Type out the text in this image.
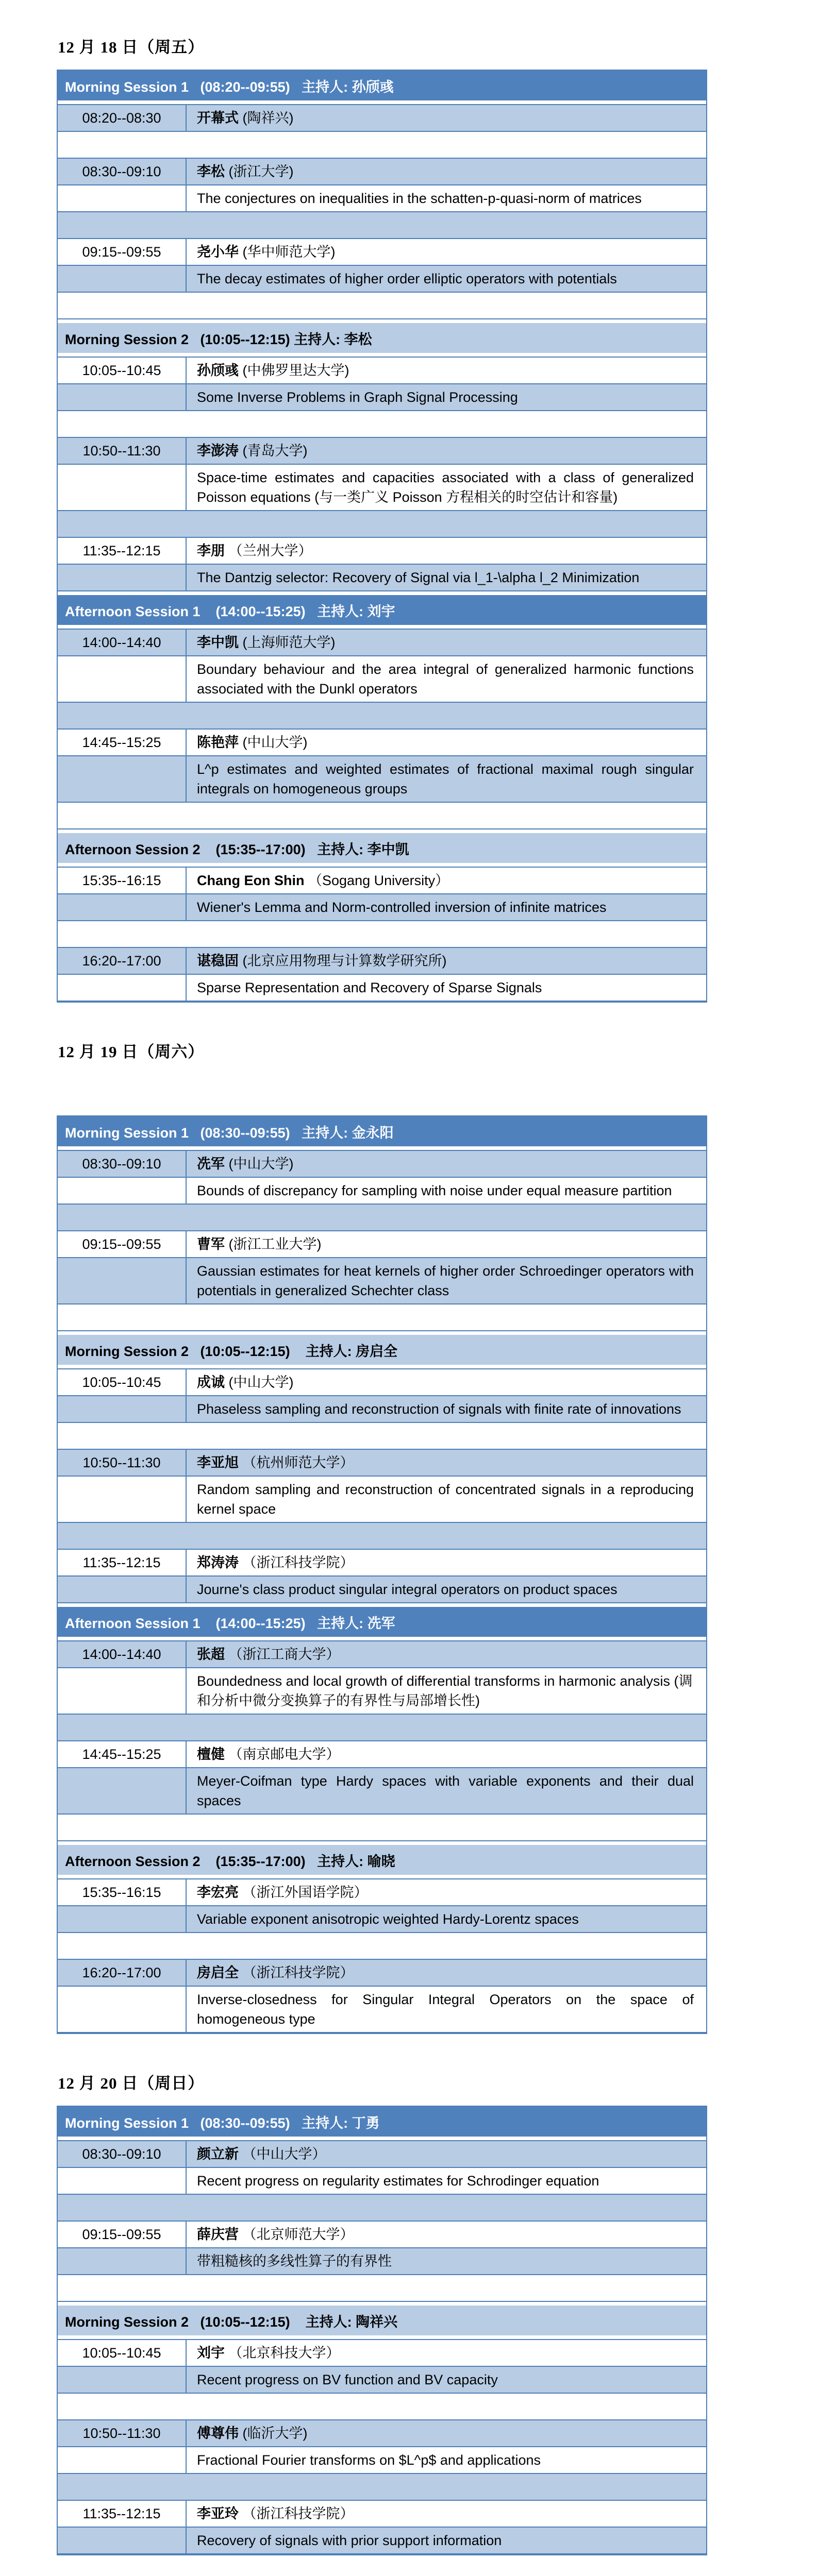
12 月 18 日（周五）
Morning Session 1   (08:20--09:55)   主持人: 孙颀彧
08:20--08:30	开幕式 (陶祥兴)
08:30--09:10	李松 (浙江大学)
The conjectures on inequalities in the schatten-p-quasi-norm of matrices
09:15--09:55	尧小华 (华中师范大学)
The decay estimates of higher order elliptic operators with potentials
Morning Session 2   (10:05--12:15) 主持人: 李松
10:05--10:45	孙颀彧 (中佛罗里达大学)
Some Inverse Problems in Graph Signal Processing
10:50--11:30	李澎涛 (青岛大学)
Space-time estimates and capacities associated with a class of generalized Poisson equations (与一类广义 Poisson 方程相关的时空估计和容量)
11:35--12:15	李朋 （兰州大学）
The Dantzig selector: Recovery of Signal via l_1-\alpha l_2 Minimization
Afternoon Session 1    (14:00--15:25)   主持人: 刘宇
14:00--14:40	李中凯 (上海师范大学)
Boundary behaviour and the area integral of generalized harmonic functions associated with the Dunkl operators
14:45--15:25	陈艳萍 (中山大学)
L^p estimates and weighted estimates of fractional maximal rough singular integrals on homogeneous groups
Afternoon Session 2    (15:35--17:00)   主持人: 李中凯
15:35--16:15	Chang Eon Shin （Sogang University）
Wiener's Lemma and Norm-controlled inversion of infinite matrices
16:20--17:00	谌稳固 (北京应用物理与计算数学研究所)
Sparse Representation and Recovery of Sparse Signals
12 月 19 日（周六）
Morning Session 1   (08:30--09:55)   主持人: 金永阳
08:30--09:10	冼军 (中山大学)
Bounds of discrepancy for sampling with noise under equal measure partition
09:15--09:55	曹军 (浙江工业大学)
Gaussian estimates for heat kernels of higher order Schroedinger operators with potentials in generalized Schechter class
Morning Session 2   (10:05--12:15)    主持人: 房启全
10:05--10:45	成诚 (中山大学)
Phaseless sampling and reconstruction of signals with finite rate of innovations
10:50--11:30	李亚旭 （杭州师范大学）
Random sampling and reconstruction of concentrated signals in a reproducing kernel space
11:35--12:15	郑涛涛 （浙江科技学院）
Journe's class product singular integral operators on product spaces
Afternoon Session 1    (14:00--15:25)   主持人: 冼军
14:00--14:40	张超 （浙江工商大学）
Boundedness and local growth of differential transforms in harmonic analysis (调和分析中微分变换算子的有界性与局部增长性)
14:45--15:25	檀健 （南京邮电大学）
Meyer-Coifman type Hardy spaces with variable exponents and their dual spaces
Afternoon Session 2    (15:35--17:00)   主持人: 喻晓
15:35--16:15	李宏亮 （浙江外国语学院）
Variable exponent anisotropic weighted Hardy-Lorentz spaces
16:20--17:00	房启全 （浙江科技学院）
Inverse-closedness for Singular Integral Operators on the space of homogeneous type
12 月 20 日（周日）
Morning Session 1   (08:30--09:55)   主持人: 丁勇
08:30--09:10	颜立新 （中山大学）
Recent progress on regularity estimates for Schrodinger equation
09:15--09:55	薛庆营 （北京师范大学）
带粗糙核的多线性算子的有界性
Morning Session 2   (10:05--12:15)    主持人: 陶祥兴
10:05--10:45	刘宇 （北京科技大学）
Recent progress on BV function and BV capacity
10:50--11:30	傅尊伟 (临沂大学)
Fractional Fourier transforms on $L^p$ and applications
11:35--12:15	李亚玲 （浙江科技学院）
Recovery of signals with prior support information
